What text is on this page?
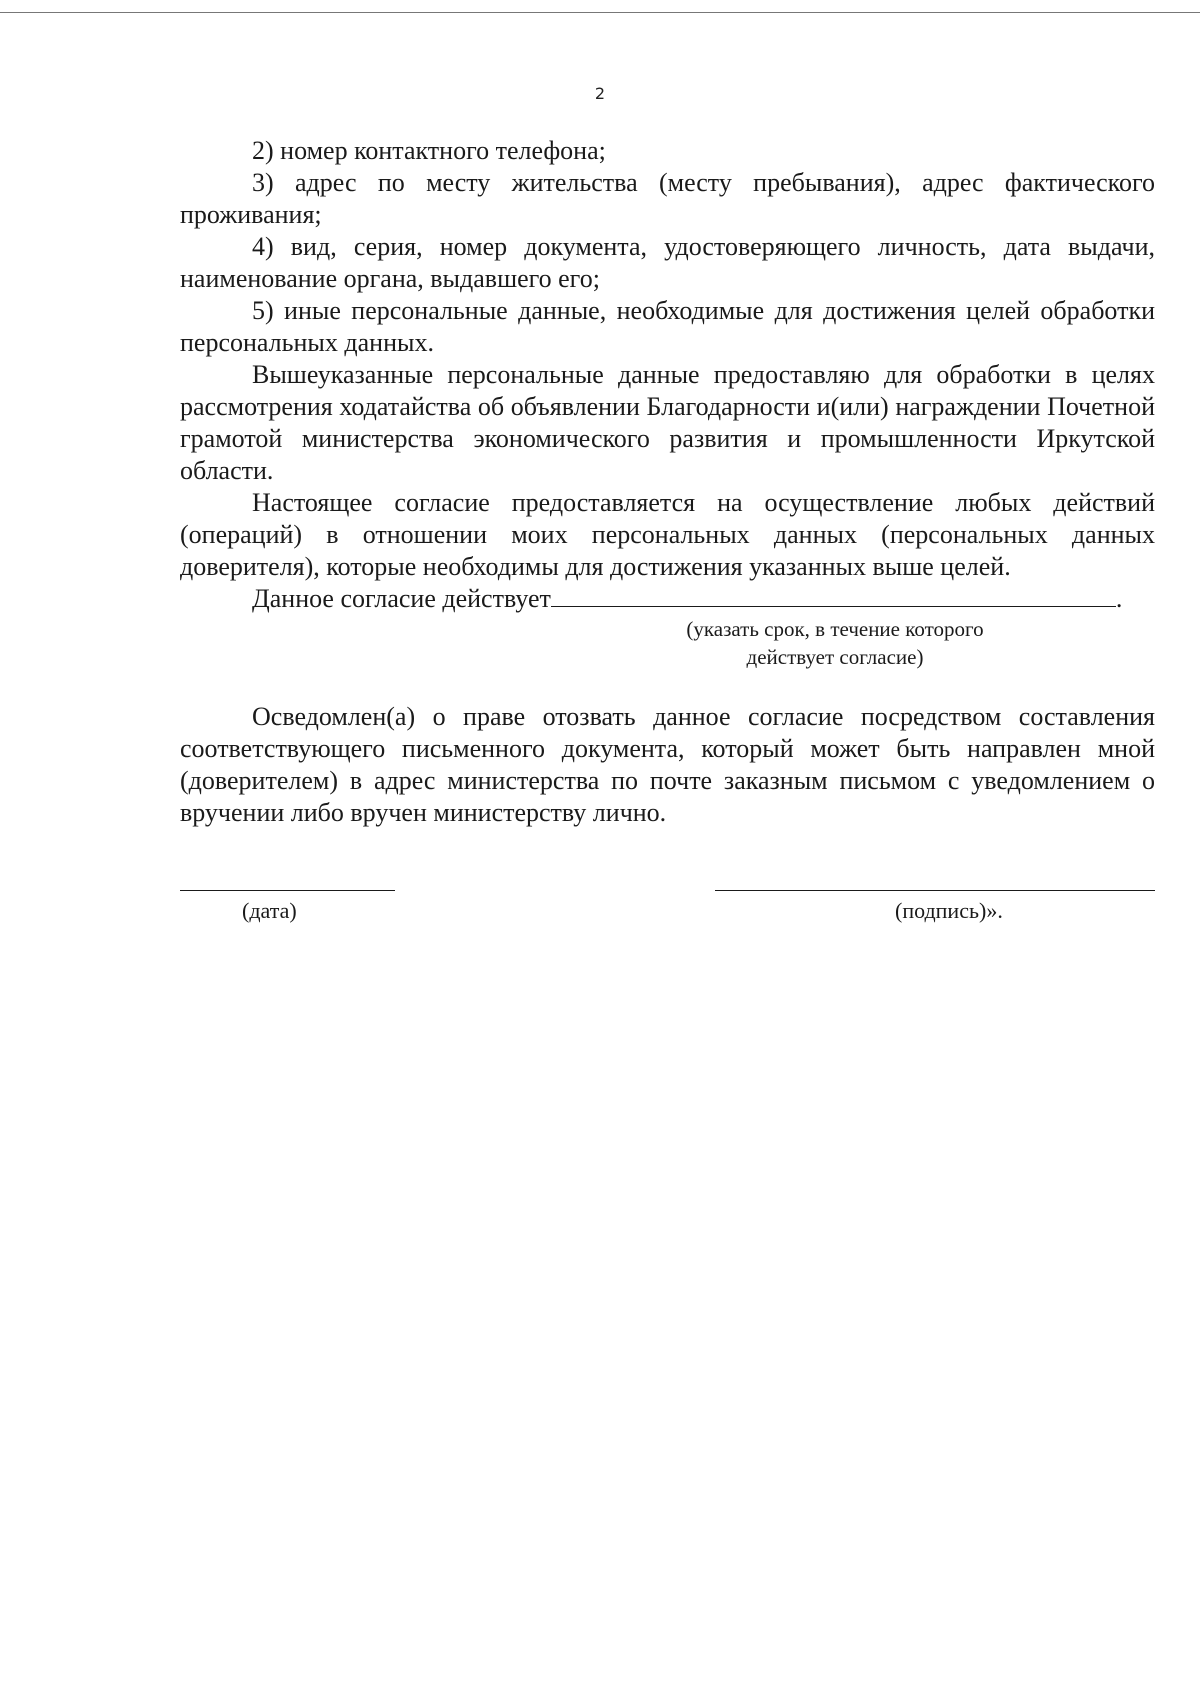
2

2) номер контактного телефона;

3) адрес по месту жительства (месту пребывания), адрес фактического проживания;

4) вид, серия, номер документа, удостоверяющего личность, дата выдачи, наименование органа, выдавшего его;

5) иные персональные данные, необходимые для достижения целей обработки персональных данных.

Вышеуказанные персональные данные предоставляю для обработки в целях рассмотрения ходатайства об объявлении Благодарности и(или) награждении Почетной грамотой министерства экономического развития и промышленности Иркутской области.

Настоящее согласие предоставляется на осуществление любых действий (операций) в отношении моих персональных данных (персональных данных доверителя), которые необходимы для достижения указанных выше целей.

Данное согласие действует	.

(указать срок, в течение которого

действует согласие)

Осведомлен(а) о праве отозвать данное согласие посредством составления соответствующего письменного документа, который может быть направлен мной (доверителем) в адрес министерства по почте заказным письмом с уведомлением о вручении либо вручен министерству лично.

(дата)	(подпись)».
